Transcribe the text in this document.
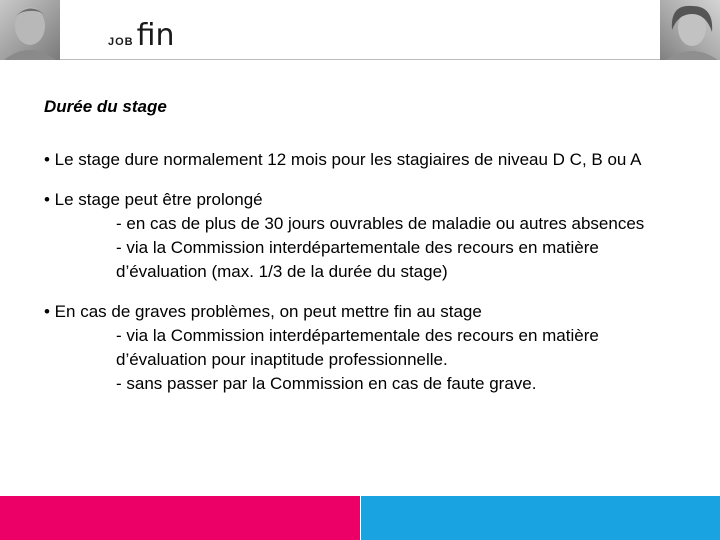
JOB fin
Durée du stage
• Le stage dure normalement 12 mois pour les stagiaires de niveau D C, B ou A
• Le stage peut être prolongé
- en cas de plus de 30 jours ouvrables de maladie ou autres absences
- via la Commission interdépartementale des recours en matière d’évaluation (max. 1/3 de la durée du stage)
• En cas de graves problèmes, on peut mettre fin au stage
- via la Commission interdépartementale des recours en matière d’évaluation pour inaptitude professionnelle.
- sans passer par la Commission en cas de faute grave.
